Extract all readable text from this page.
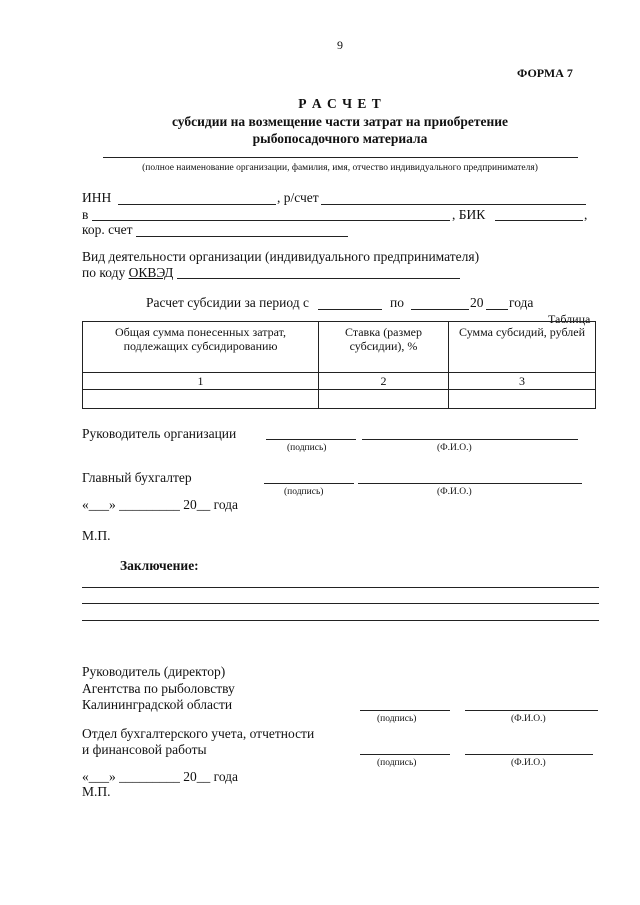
9
ФОРМА 7
Р А С Ч Е Т
субсидии на возмещение части затрат на приобретение
рыбопосадочного материала
(полное наименование организации, фамилия, имя, отчество индивидуального предпринимателя)
ИНН	, р/счет
в	, БИК	,
кор. счет
Вид деятельности организации (индивидуального предпринимателя)
по коду ОКВЭД
Расчет субсидии за период с	по	20 года
Таблица
Общая сумма понесенных затрат, подлежащих субсидированию	Ставка (размер субсидии), %	Сумма субсидий, рублей
1	2	3

Руководитель организации
(подпись)	(Ф.И.О.)
Главный бухгалтер
(подпись)	(Ф.И.О.)
«___» _________ 20__ года
М.П.
Заключение:
Руководитель (директор)
Агентства по рыболовству
Калининградской области
(подпись)	(Ф.И.О.)
Отдел бухгалтерского учета, отчетности
и финансовой работы
(подпись)	(Ф.И.О.)
«___» _________ 20__ года
М.П.
